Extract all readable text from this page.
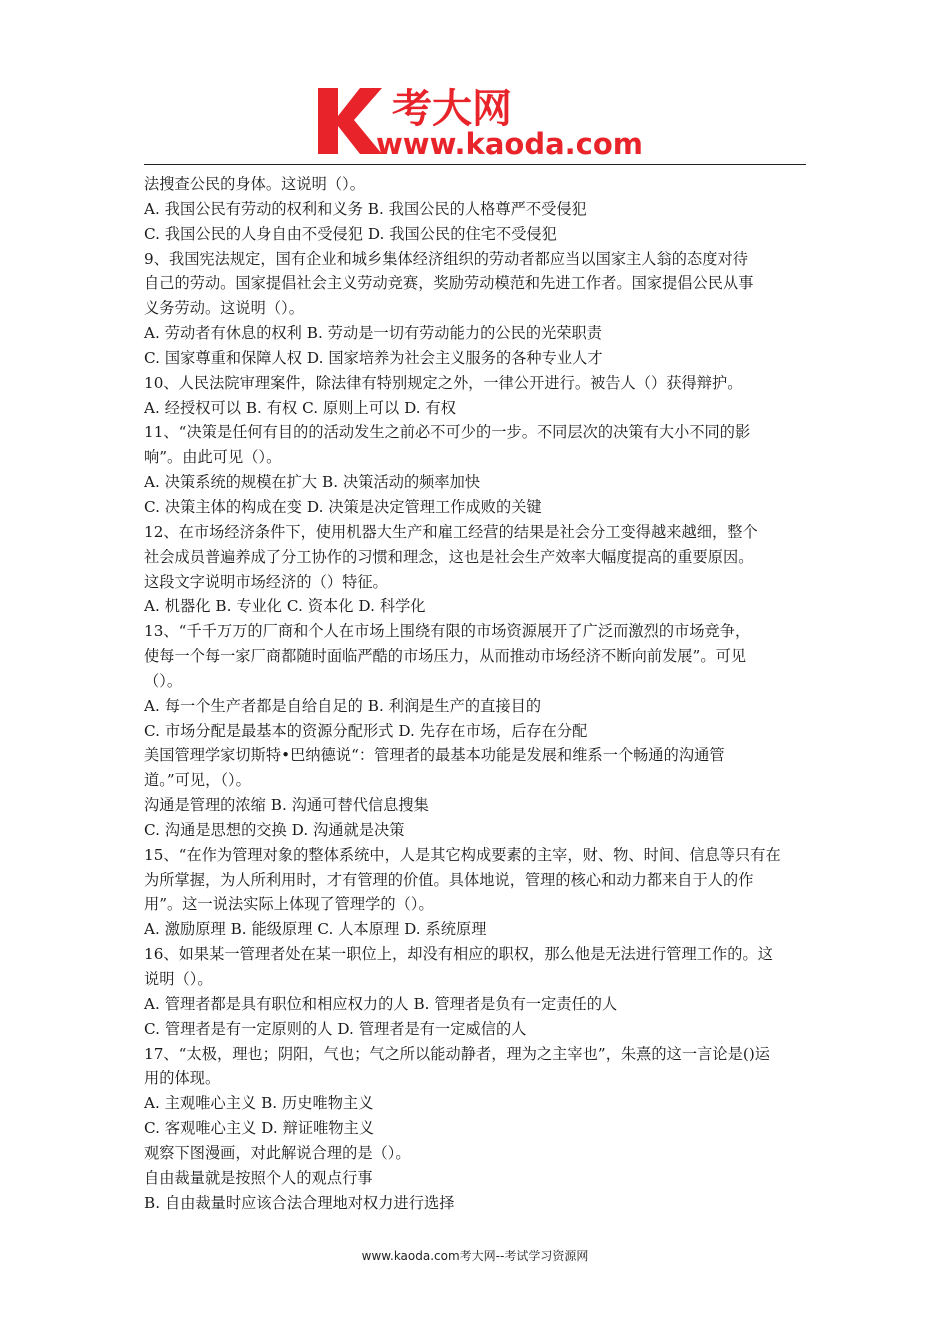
考大网
www.kaoda.com
法搜查公民的身体。这说明（）。
A. 我国公民有劳动的权利和义务 B. 我国公民的人格尊严不受侵犯
C. 我国公民的人身自由不受侵犯 D. 我国公民的住宅不受侵犯
9、我国宪法规定，国有企业和城乡集体经济组织的劳动者都应当以国家主人翁的态度对待
自己的劳动。国家提倡社会主义劳动竞赛，奖励劳动模范和先进工作者。国家提倡公民从事
义务劳动。这说明（）。
A. 劳动者有休息的权利 B. 劳动是一切有劳动能力的公民的光荣职责
C. 国家尊重和保障人权 D. 国家培养为社会主义服务的各种专业人才
10、人民法院审理案件，除法律有特别规定之外，一律公开进行。被告人（）获得辩护。
A. 经授权可以 B. 有权 C. 原则上可以 D. 有权
11、“决策是任何有目的的活动发生之前必不可少的一步。不同层次的决策有大小不同的影
响”。由此可见（）。
A. 决策系统的规模在扩大 B. 决策活动的频率加快
C. 决策主体的构成在变 D. 决策是决定管理工作成败的关键
12、在市场经济条件下，使用机器大生产和雇工经营的结果是社会分工变得越来越细，整个
社会成员普遍养成了分工协作的习惯和理念，这也是社会生产效率大幅度提高的重要原因。
这段文字说明市场经济的（）特征。
A. 机器化 B. 专业化 C. 资本化 D. 科学化
13、“千千万万的厂商和个人在市场上围绕有限的市场资源展开了广泛而激烈的市场竞争，
使每一个每一家厂商都随时面临严酷的市场压力，从而推动市场经济不断向前发展”。可见
（）。
A. 每一个生产者都是自给自足的 B. 利润是生产的直接目的
C. 市场分配是最基本的资源分配形式 D. 先存在市场，后存在分配
美国管理学家切斯特•巴纳德说“：管理者的最基本功能是发展和维系一个畅通的沟通管
道。”可见，（）。
沟通是管理的浓缩 B. 沟通可替代信息搜集
C. 沟通是思想的交换 D. 沟通就是决策
15、“在作为管理对象的整体系统中，人是其它构成要素的主宰，财、物、时间、信息等只有在
为所掌握，为人所利用时，才有管理的价值。具体地说，管理的核心和动力都来自于人的作
用”。这一说法实际上体现了管理学的（）。
A. 激励原理 B. 能级原理 C. 人本原理 D. 系统原理
16、如果某一管理者处在某一职位上，却没有相应的职权，那么他是无法进行管理工作的。这
说明（）。
A. 管理者都是具有职位和相应权力的人 B. 管理者是负有一定责任的人
C. 管理者是有一定原则的人 D. 管理者是有一定威信的人
17、“太极，理也；阴阳，气也；气之所以能动静者，理为之主宰也”，朱熹的这一言论是()运
用的体现。
A. 主观唯心主义 B. 历史唯物主义
C. 客观唯心主义 D. 辩证唯物主义
观察下图漫画，对此解说合理的是（）。
自由裁量就是按照个人的观点行事
B. 自由裁量时应该合法合理地对权力进行选择
www.kaoda.com考大网--考试学习资源网
